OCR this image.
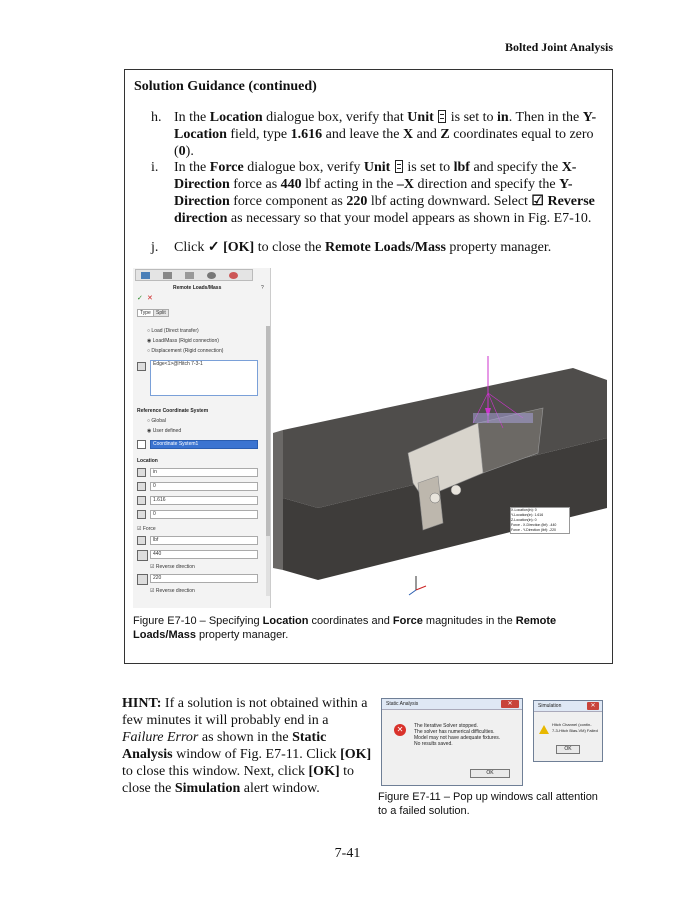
Bolted Joint Analysis
Solution Guidance (continued)
h. In the Location dialogue box, verify that Unit  is set to in. Then in the Y-Location field, type 1.616 and leave the X and Z coordinates equal to zero (0).
i. In the Force dialogue box, verify Unit  is set to lbf and specify the X-Direction force as 440 lbf acting in the –X direction and specify the Y-Direction force component as 220 lbf acting downward. Select ☑ Reverse direction as necessary so that your model appears as shown in Fig. E7-10.
j. Click ✓ [OK] to close the Remote Loads/Mass property manager.
Remote Loads/Mass	?
✓ ✕
Type	Split
○ Load (Direct transfer)
◉ Load/Mass (Rigid connection)
○ Displacement (Rigid connection)
Edge<1>@Hitch 7-3-1
Reference Coordinate System
○ Global
◉ User defined
Coordinate System1
Location
in
0
1.616
0
☑ Force
lbf
440
☑ Reverse direction
220
☑ Reverse direction
X-Location(in): 0
Y-Location(in): 1.616
Z-Location(in): 0
Force - X-Direction (lbf): -440
Force - Y-Direction (lbf): -220
Figure E7-10 – Specifying Location coordinates and Force magnitudes in the Remote Loads/Mass property manager.
HINT: If a solution is not obtained within a few minutes it will probably end in a Failure Error as shown in the Static Analysis window of Fig. E7-11. Click [OK] to close this window. Next, click [OK] to close the Simulation alert window.
Static Analysis	✕
✕	The Iterative Solver stopped.
The solver has numerical difficulties.
Model may not have adequate fixtures.
No results saved.
OK
Simulation	✕
Hitch Channel (contin-
7-3-Hitch Bias-VM) Failed
OK
Figure E7-11 – Pop up windows call attention to a failed solution.
7-41
